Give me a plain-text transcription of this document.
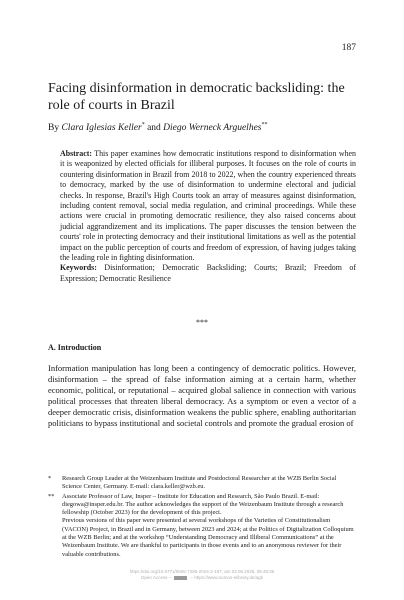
187
Facing disinformation in democratic backsliding: the role of courts in Brazil
By Clara Iglesias Keller* and Diego Werneck Arguelhes**
Abstract: This paper examines how democratic institutions respond to disinformation when it is weaponized by elected officials for illiberal purposes. It focuses on the role of courts in countering disinformation in Brazil from 2018 to 2022, when the country experienced threats to democracy, marked by the use of disinformation to undermine electoral and judicial checks. In response, Brazil's High Courts took an array of measures against disinformation, including content removal, social media regulation, and criminal proceedings. While these actions were crucial in promoting democratic resilience, they also raised concerns about judicial aggrandizement and its implications. The paper discusses the tension between the courts' role in protecting democracy and their institutional limitations as well as the potential impact on the public perception of courts and freedom of expression, of having judges taking the leading role in fighting disinformation.
Keywords: Disinformation; Democratic Backsliding; Courts; Brazil; Freedom of Expression; Democratic Resilience
***
A. Introduction
Information manipulation has long been a contingency of democratic politics. However, disinformation – the spread of false information aiming at a certain harm, whether economic, political, or reputational – acquired global salience in connection with various political processes that threaten liberal democracy. As a symptom or even a vector of a deeper democratic crisis, disinformation weakens the public sphere, enabling authoritarian politicians to bypass institutional and societal controls and promote the gradual erosion of
*	Research Group Leader at the Weizenbaum Institute and Postdoctoral Researcher at the WZB Berlin Social Science Center, Germany. E-mail: clara.keller@wzb.eu.
**	Associate Professor of Law, Insper – Institute for Education and Research, São Paulo Brazil. E-mail: diegowa@insper.edu.br. The author acknowledges the support of the Weizenbaum Institute through a research fellowship (October 2023) for the development of this project.

Previous versions of this paper were presented at several workshops of the Varieties of Constitutionalism (VACON) Project, in Brazil and in Germany, between 2023 and 2024; at the Politics of Digitalization Colloquium at the WZB Berlin; and at the workshop “Understanding Democracy and Illiberal Communications” at the Weizenbaum Institute. We are thankful to participants in those events and to an anonymous reviewer for their valuable contributions.

https://doi.org/10.5771/0506-7286-2024-2-187, am 02.06.2025, 08:48:36
Open Access –	– https://www.nomos-elibrary.de/agb
